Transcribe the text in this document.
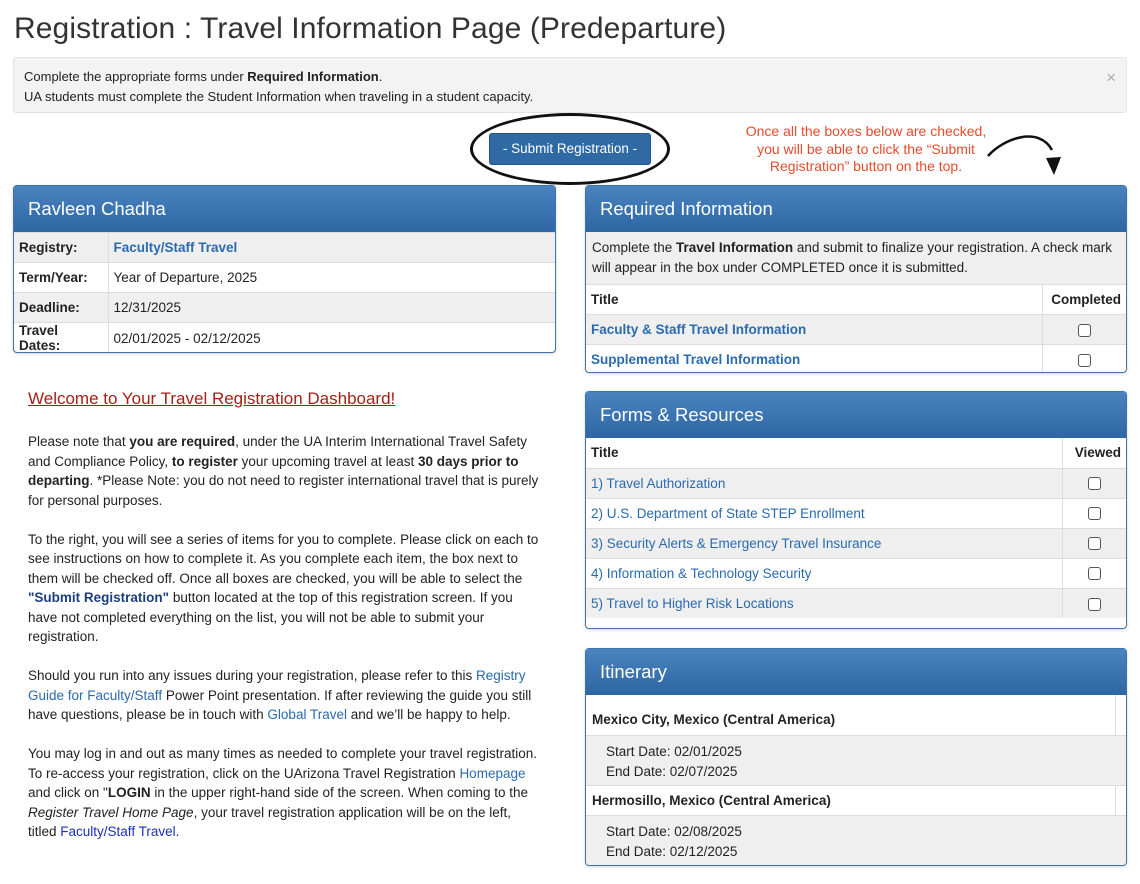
Registration : Travel Information Page (Predeparture)
Complete the appropriate forms under Required Information.
UA students must complete the Student Information when traveling in a student capacity.
×
- Submit Registration -
Once all the boxes below are checked, you will be able to click the “Submit Registration” button on the top.
Ravleen Chadha
Registry:	Faculty/Staff Travel
Term/Year:	Year of Departure, 2025
Deadline:	12/31/2025
Travel Dates:	02/01/2025 - 02/12/2025
Required Information
Complete the Travel Information and submit to finalize your registration. A check mark will appear in the box under COMPLETED once it is submitted.
Title	Completed
Faculty & Staff Travel Information	
Supplemental Travel Information	
Forms & Resources
Title	Viewed
1) Travel Authorization	
2) U.S. Department of State STEP Enrollment	
3) Security Alerts & Emergency Travel Insurance	
4) Information & Technology Security	
5) Travel to Higher Risk Locations	
Itinerary
Mexico City, Mexico (Central America)
Start Date: 02/01/2025
End Date: 02/07/2025
Hermosillo, Mexico (Central America)
Start Date: 02/08/2025
End Date: 02/12/2025
Welcome to Your Travel Registration Dashboard!

Please note that you are required, under the UA Interim International Travel Safety and Compliance Policy, to register your upcoming travel at least 30 days prior to departing. *Please Note: you do not need to register international travel that is purely for personal purposes.

To the right, you will see a series of items for you to complete. Please click on each to see instructions on how to complete it. As you complete each item, the box next to them will be checked off. Once all boxes are checked, you will be able to select the "Submit Registration" button located at the top of this registration screen. If you have not completed everything on the list, you will not be able to submit your registration.

Should you run into any issues during your registration, please refer to this Registry Guide for Faculty/Staff Power Point presentation. If after reviewing the guide you still have questions, please be in touch with Global Travel and we’ll be happy to help.

You may log in and out as many times as needed to complete your travel registration. To re-access your registration, click on the UArizona Travel Registration Homepage and click on "LOGIN in the upper right-hand side of the screen. When coming to the Register Travel Home Page, your travel registration application will be on the left, titled Faculty/Staff Travel.
